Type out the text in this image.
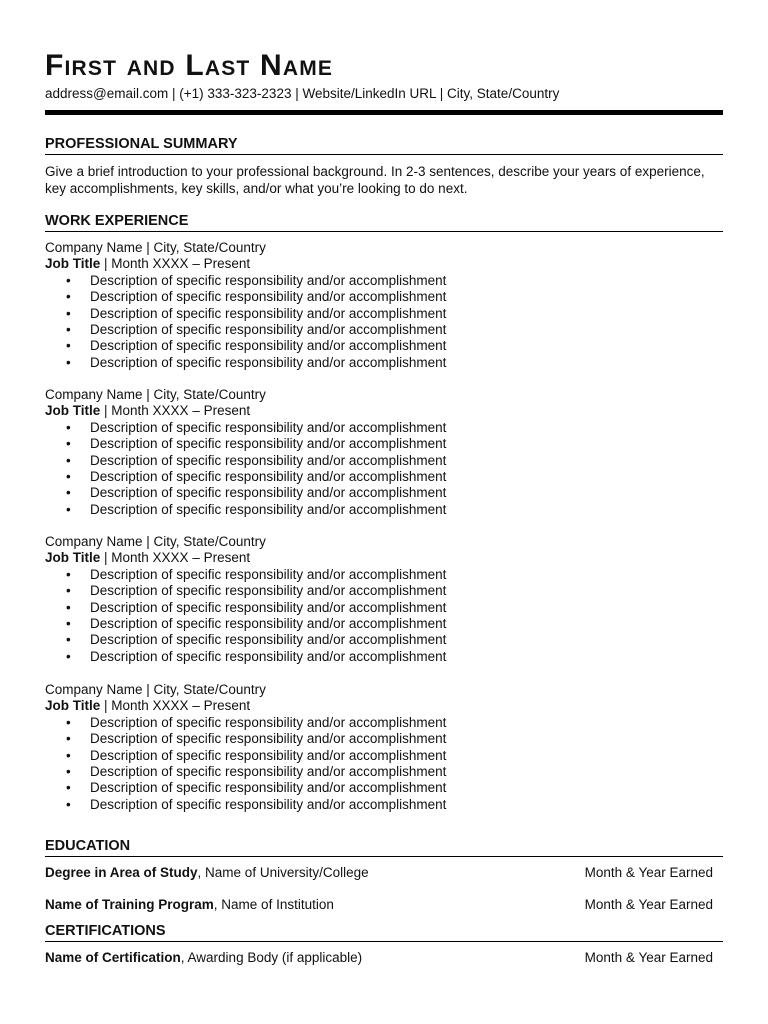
First and Last Name
address@email.com | (+1) 333-323-2323 | Website/LinkedIn URL | City, State/Country
PROFESSIONAL SUMMARY

Give a brief introduction to your professional background. In 2-3 sentences, describe your years of experience,

key accomplishments, key skills, and/or what you’re looking to do next.

WORK EXPERIENCE

Company Name | City, State/Country

Job Title | Month XXXX – Present

• Description of specific responsibility and/or accomplishment
• Description of specific responsibility and/or accomplishment
• Description of specific responsibility and/or accomplishment
• Description of specific responsibility and/or accomplishment
• Description of specific responsibility and/or accomplishment
• Description of specific responsibility and/or accomplishment

Company Name | City, State/Country

Job Title | Month XXXX – Present

• Description of specific responsibility and/or accomplishment
• Description of specific responsibility and/or accomplishment
• Description of specific responsibility and/or accomplishment
• Description of specific responsibility and/or accomplishment
• Description of specific responsibility and/or accomplishment
• Description of specific responsibility and/or accomplishment

Company Name | City, State/Country

Job Title | Month XXXX – Present

• Description of specific responsibility and/or accomplishment
• Description of specific responsibility and/or accomplishment
• Description of specific responsibility and/or accomplishment
• Description of specific responsibility and/or accomplishment
• Description of specific responsibility and/or accomplishment
• Description of specific responsibility and/or accomplishment

Company Name | City, State/Country

Job Title | Month XXXX – Present

• Description of specific responsibility and/or accomplishment
• Description of specific responsibility and/or accomplishment
• Description of specific responsibility and/or accomplishment
• Description of specific responsibility and/or accomplishment
• Description of specific responsibility and/or accomplishment
• Description of specific responsibility and/or accomplishment
EDUCATION
Degree in Area of Study, Name of University/College	Month & Year Earned
Name of Training Program, Name of Institution	Month & Year Earned
CERTIFICATIONS
Name of Certification, Awarding Body (if applicable)	Month & Year Earned
